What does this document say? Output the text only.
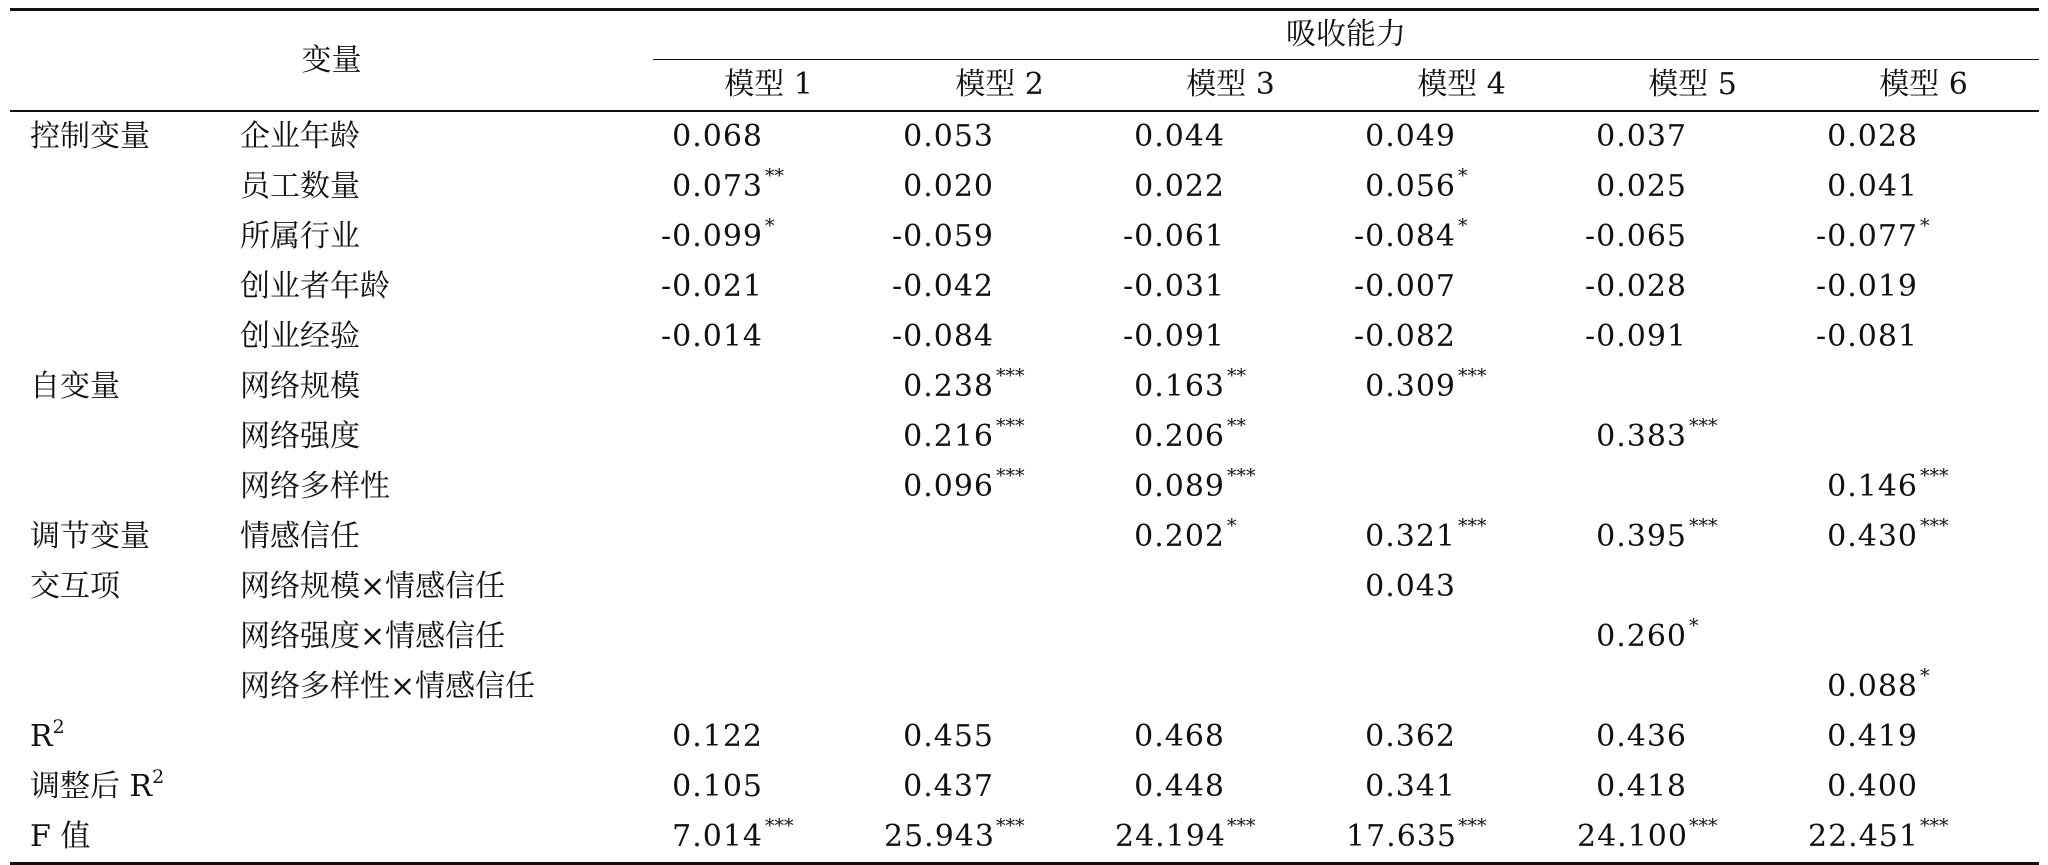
变量		吸收能力					
		模型 1	模型 2	模型 3	模型 4	模型 5	模型 6
控制变量	企业年龄	0.068	0.053	0.044	0.049	0.037	0.028
	员工数量	0.073 **	0.020	0.022	0.056 *	0.025	0.041
	所属行业	-0.099 *	-0.059	-0.061	-0.084 *	-0.065	-0.077 *
	创业者年龄	-0.021	-0.042	-0.031	-0.007	-0.028	-0.019
	创业经验	-0.014	-0.084	-0.091	-0.082	-0.091	-0.081
自变量	网络规模		0.238 ***	0.163 **	0.309 ***		
	网络强度		0.216 ***	0.206 **		0.383 ***	
	网络多样性		0.096 ***	0.089 ***			0.146 ***
调节变量	情感信任			0.202 *	0.321 ***	0.395 ***	0.430 ***
交互项	网络规模×情感信任				0.043		
	网络强度×情感信任					0.260 *	
	网络多样性×情感信任						0.088 *
$R^2$		0.122	0.455	0.468	0.362	0.436	0.419
调整后 $R^2$		0.105	0.437	0.448	0.341	0.418	0.400
F 值		7.014 ***	25.943***	24.194***	17.635***	24.100***	22.451***
